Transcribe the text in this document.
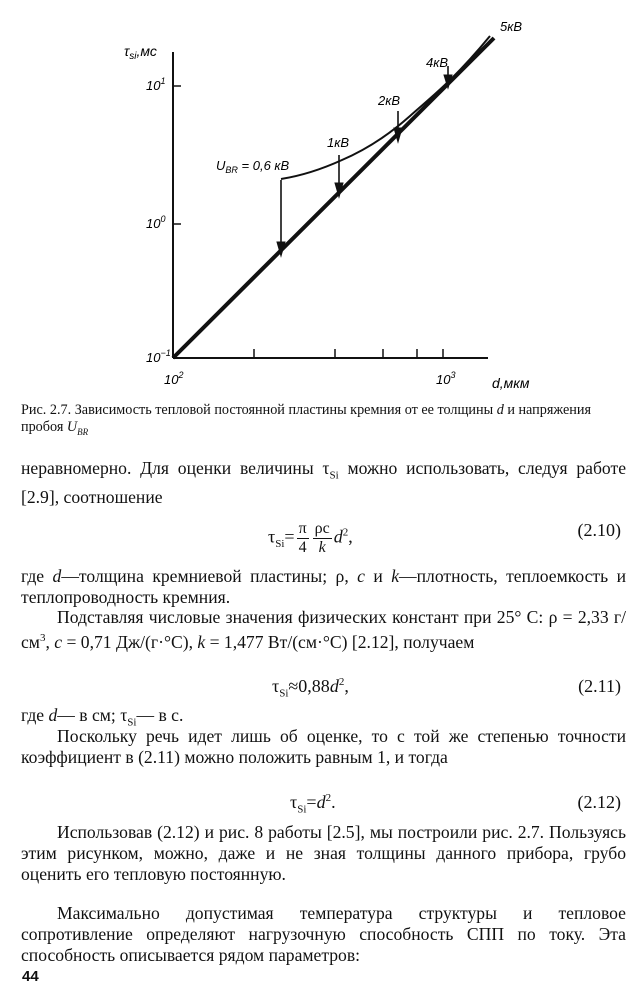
$\tau_{si},мс$
d,мкм
$10^1$
$10^0$
$10^{-1}$
$10^2$	$10^3$
$U_{BR} = 0,6$ кВ
1кВ
2кВ
4кВ
5кВ
Рис. 2.7. Зависимость тепловой постоянной пластины кремния от ее толщины d и напряжения пробоя $U_{BR}$
неравномерно. Для оценки величины $\tau_{Si}$ можно использовать, следуя работе [2.9], соотношение
$\tau_{Si}= \frac{\pi}{4} \frac{\rho c}{k} d^2$,	(2.10)
где d—толщина кремниевой пластины; ρ, c и k—плотность, теплоемкость и теплопроводность кремния.
Подставляя числовые значения физических констант при 25° С: ρ = 2,33 $г/см^3$, c = 0,71 Дж/(г·°С), k = 1,477 Вт/(см·°С) [2.12], получаем
$\tau_{Si}\approx 0,88d^2$,	(2.11)
где d— в см; $\tau_{Si}—$ в с.
Поскольку речь идет лишь об оценке, то с той же степенью точности коэффициент в (2.11) можно положить равным 1, и тогда
$\tau_{Si}=d^2$.	(2.12)
Использовав (2.12) и рис. 8 работы [2.5], мы построили рис. 2.7. Пользуясь этим рисунком, можно, даже и не зная толщины данного прибора, грубо оценить его тепловую постоянную.
Максимально допустимая температура структуры и тепловое сопротивление определяют нагрузочную способность СПП по току. Эта способность описывается рядом параметров:
44
